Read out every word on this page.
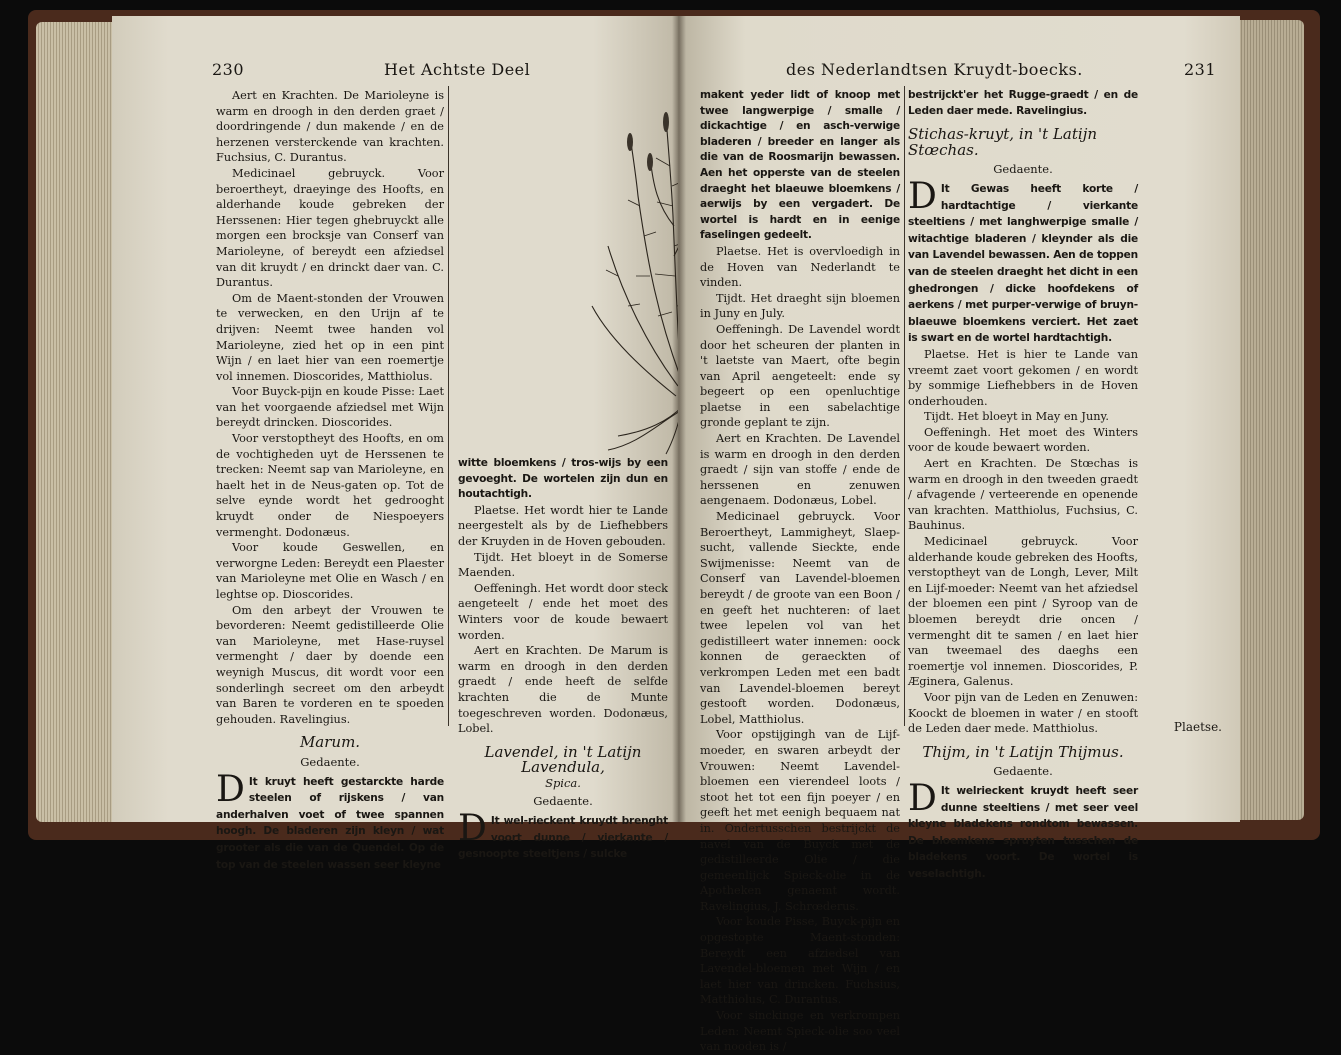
230	Het Achtste Deel

Aert en Krachten. De Marioleyne is warm en droogh in den derden graet / doordringende / dun makende / en de herzenen versterckende van krachten. Fuchsius, C. Durantus.

Medicinael gebruyck. Voor beroertheyt, draeyinge des Hoofts, en alderhande koude gebreken der Herssenen: Hier tegen ghebruyckt alle morgen een brocksje van Conserf van Marioleyne, of bereydt een afziedsel van dit kruydt / en drinckt daer van. C. Durantus.

Om de Maent-stonden der Vrouwen te verwecken, en den Urijn af te drijven: Neemt twee handen vol Marioleyne, zied het op in een pint Wijn / en laet hier van een roemertje vol innemen. Dioscorides, Matthiolus.

Voor Buyck-pijn en koude Pisse: Laet van het voorgaende afziedsel met Wijn bereydt drincken. Dioscorides.

Voor verstoptheyt des Hoofts, en om de vochtigheden uyt de Herssenen te trecken: Neemt sap van Marioleyne, en haelt het in de Neus-gaten op. Tot de selve eynde wordt het gedrooght kruydt onder de Niespoeyers vermenght. Dodonæus.

Voor koude Geswellen, en verworgne Leden: Bereydt een Plaester van Marioleyne met Olie en Wasch / en leghtse op. Dioscorides.

Om den arbeyt der Vrouwen te bevorderen: Neemt gedistilleerde Olie van Marioleyne, met Hase-ruysel vermenght / daer by doende een weynigh Muscus, dit wordt voor een sonderlingh secreet om den arbeydt van Baren te vorderen en te spoeden gehouden. Ravelingius.

Marum.
Gedaente.

D It kruyt heeft gestarckte harde steelen of rijskens / van anderhalven voet of twee spannen hoogh. De bladeren zijn kleyn / wat grooter als die van de Quendel. Op de top van de steelen wassen seer kleyne

witte bloemkens / tros-wijs by een gevoeght. De wortelen zijn dun en houtachtigh.

Plaetse. Het wordt hier te Lande neergestelt als by de Liefhebbers der Kruyden in de Hoven gebouden.

Tijdt. Het bloeyt in de Somerse Maenden.

Oeffeningh. Het wordt door steck aengeteelt / ende het moet des Winters voor de koude bewaert worden.

Aert en Krachten. De Marum is warm en droogh in den derden graedt / ende heeft de selfde krachten die de Munte toegeschreven worden. Dodonæus, Lobel.

Lavendel, in 't Latijn Lavendula,
Spica.
Gedaente.

D It wel-rieckent kruydt brenght voort dunne / vierkante / gesnoopte steeltjens / sulcke

des Nederlandtsen Kruydt-boecks.	231

makent yeder lidt of knoop met twee langwerpige / smalle / dickachtige / en asch-verwige bladeren / breeder en langer als die van de Roosmarijn bewassen. Aen het opperste van de steelen draeght het blaeuwe bloemkens / aerwijs by een vergadert. De wortel is hardt en in eenige faselingen gedeelt.

Plaetse. Het is overvloedigh in de Hoven van Nederlandt te vinden.

Tijdt. Het draeght sijn bloemen in Juny en July.

Oeffeningh. De Lavendel wordt door het scheuren der planten in 't laetste van Maert, ofte begin van April aengeteelt: ende sy begeert op een openluchtige plaetse in een sabelachtige gronde geplant te zijn.

Aert en Krachten. De Lavendel is warm en droogh in den derden graedt / sijn van stoffe / ende de herssenen en zenuwen aengenaem. Dodonæus, Lobel.

Medicinael gebruyck. Voor Beroertheyt, Lammigheyt, Slaep-sucht, vallende Sieckte, ende Swijmenisse: Neemt van de Conserf van Lavendel-bloemen bereydt / de groote van een Boon / en geeft het nuchteren: of laet twee lepelen vol van het gedistilleert water innemen: oock konnen de geraeckten of verkrompen Leden met een badt van Lavendel-bloemen bereyt gestooft worden. Dodonæus, Lobel, Matthiolus.

Voor opstijgingh van de Lijf-moeder, en swaren arbeydt der Vrouwen: Neemt Lavendel-bloemen een vierendeel loots / stoot het tot een fijn poeyer / en geeft het met eenigh bequaem nat in. Ondertusschen bestrijckt de navel van de Buyck met de gedistilleerde Olie / die gemeenlijck Spieck-olie in de Apotheken genaemt wordt. Ravelingius, J. Schrœderus.

Voor koude Pisse, Buyck-pijn en opgestopte Maent-stonden: Bereydt een afziedsel van Lavendel-bloemen met Wijn / en laet hier van drincken. Fuchsius, Matthiolus, C. Durantus.

Voor sinckinge en verkrompen Leden: Neemt Spieck-olie soo veel van nooden is /

bestrijckt'er het Rugge-graedt / en de Leden daer mede. Ravelingius.

Stichas-kruyt, in 't Latijn Stœchas.
Gedaente.

D It Gewas heeft korte / hardtachtige / vierkante steeltiens / met langhwerpige smalle / witachtige bladeren / kleynder als die van Lavendel bewassen. Aen de toppen van de steelen draeght het dicht in een ghedrongen / dicke hoofdekens of aerkens / met purper-verwige of bruyn-blaeuwe bloemkens verciert. Het zaet is swart en de wortel hardtachtigh.

Plaetse. Het is hier te Lande van vreemt zaet voort gekomen / en wordt by sommige Liefhebbers in de Hoven onderhouden.

Tijdt. Het bloeyt in May en Juny.

Oeffeningh. Het moet des Winters voor de koude bewaert worden.

Aert en Krachten. De Stœchas is warm en droogh in den tweeden graedt / afvagende / verteerende en openende van krachten. Matthiolus, Fuchsius, C. Bauhinus.

Medicinael gebruyck. Voor alderhande koude gebreken des Hoofts, verstoptheyt van de Longh, Lever, Milt en Lijf-moeder: Neemt van het afziedsel der bloemen een pint / Syroop van de bloemen bereydt drie oncen / vermenght dit te samen / en laet hier van tweemael des daeghs een roemertje vol innemen. Dioscorides, P. Æginera, Galenus.

Voor pijn van de Leden en Zenuwen: Koockt de bloemen in water / en stooft de Leden daer mede. Matthiolus.

Thijm, in 't Latijn Thijmus.
Gedaente.

D It welrieckent kruydt heeft seer dunne steeltiens / met seer veel kleyne bladekens rondtom bewassen. De bloemkens spruyten tusschen de bladekens voort. De wortel is veselachtigh.

Plaetse.
